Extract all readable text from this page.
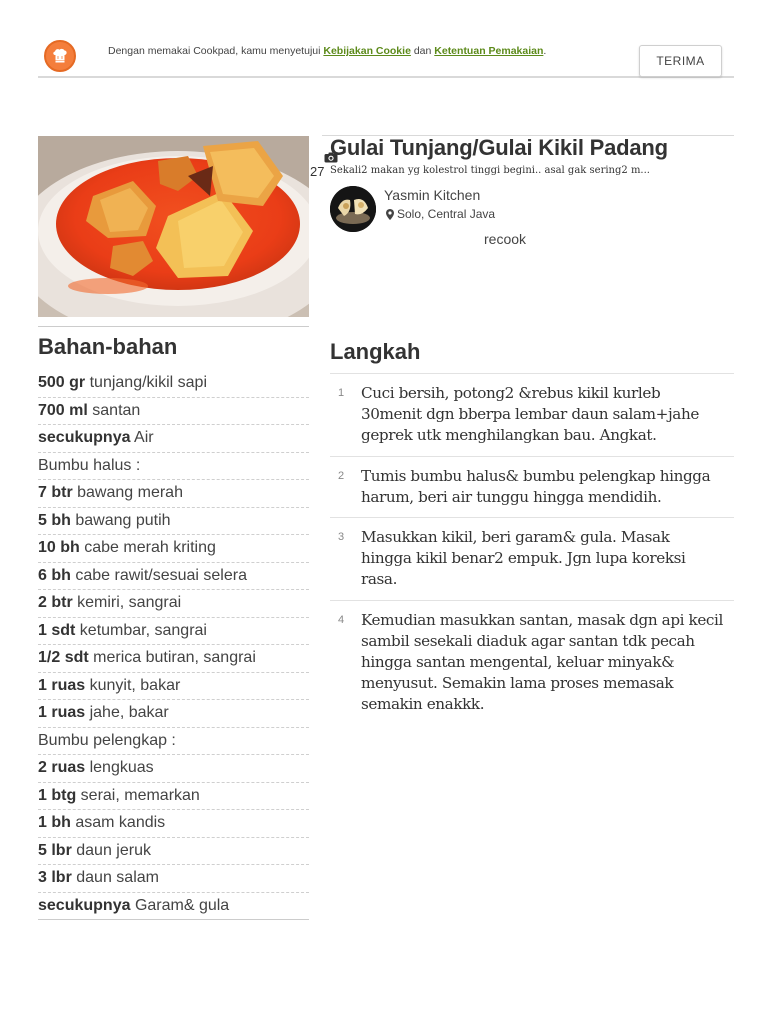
Dengan memakai Cookpad, kamu menyetujui Kebijakan Cookie dan Ketentuan Pemakaian.
TERIMA
27
Gulai Tunjang/Gulai Kikil Padang

Sekali2 makan yg kolestrol tinggi begini.. asal gak sering2 m...

Yasmin Kitchen
Solo, Central Java
recook
Bahan-bahan
500 gr tunjang/kikil sapi
700 ml santan
secukupnya Air
Bumbu halus :
7 btr bawang merah
5 bh bawang putih
10 bh cabe merah kriting
6 bh cabe rawit/sesuai selera
2 btr kemiri, sangrai
1 sdt ketumbar, sangrai
1/2 sdt merica butiran, sangrai
1 ruas kunyit, bakar
1 ruas jahe, bakar
Bumbu pelengkap :
2 ruas lengkuas
1 btg serai, memarkan
1 bh asam kandis
5 lbr daun jeruk
3 lbr daun salam
secukupnya Garam& gula
Langkah
1 Cuci bersih, potong2 &rebus kikil kurleb 30menit dgn bberpa lembar daun salam+jahe geprek utk menghilangkan bau. Angkat.

2 Tumis bumbu halus& bumbu pelengkap hingga harum, beri air tunggu hingga mendidih.

3 Masukkan kikil, beri garam& gula. Masak hingga kikil benar2 empuk. Jgn lupa koreksi rasa.

4 Kemudian masukkan santan, masak dgn api kecil sambil sesekali diaduk agar santan tdk pecah hingga santan mengental, keluar minyak& menyusut. Semakin lama proses memasak semakin enakkk.
